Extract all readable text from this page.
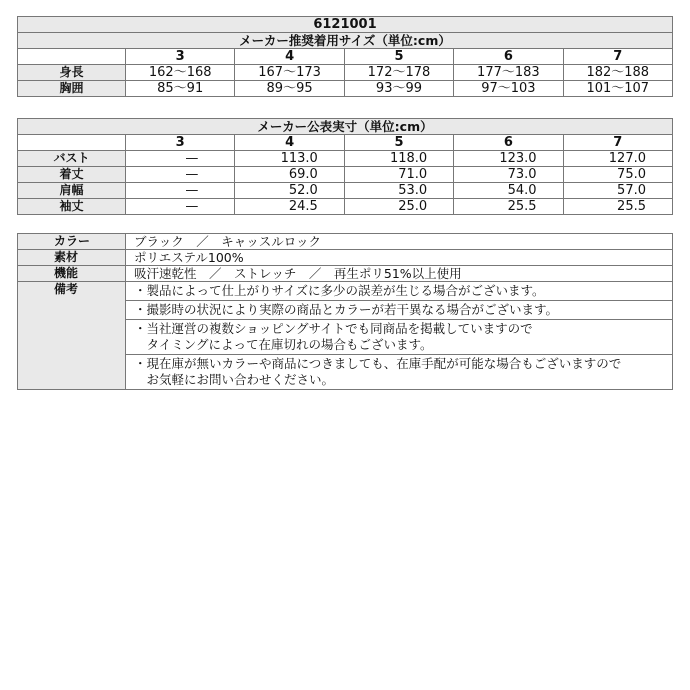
6121001					
メーカー推奨着用サイズ（単位:cm）					
	3	4	5	6	7
身長	162〜168	167〜173	172〜178	177〜183	182〜188
胸囲	85〜91	89〜95	93〜99	97〜103	101〜107
メーカー公表実寸（単位:cm）					
	3	4	5	6	7
バスト	—	113.0	118.0	123.0	127.0
着丈	—	69.0	71.0	73.0	75.0
肩幅	—	52.0	53.0	54.0	57.0
袖丈	—	24.5	25.0	25.5	25.5
カラー	ブラック　／　キャッスルロック
素材	ポリエステル100%
機能	吸汗速乾性　／　ストレッチ　／　再生ポリ51%以上使用
備考	・製品によって仕上がりサイズに多少の誤差が生じる場合がございます。

	・撮影時の状況により実際の商品とカラーが若干異なる場合がございます。

	・当社運営の複数ショッピングサイトでも同商品を掲載していますので
　タイミングによって在庫切れの場合もございます。

	・現在庫が無いカラーや商品につきましても、在庫手配が可能な場合もございますので
　お気軽にお問い合わせください。
